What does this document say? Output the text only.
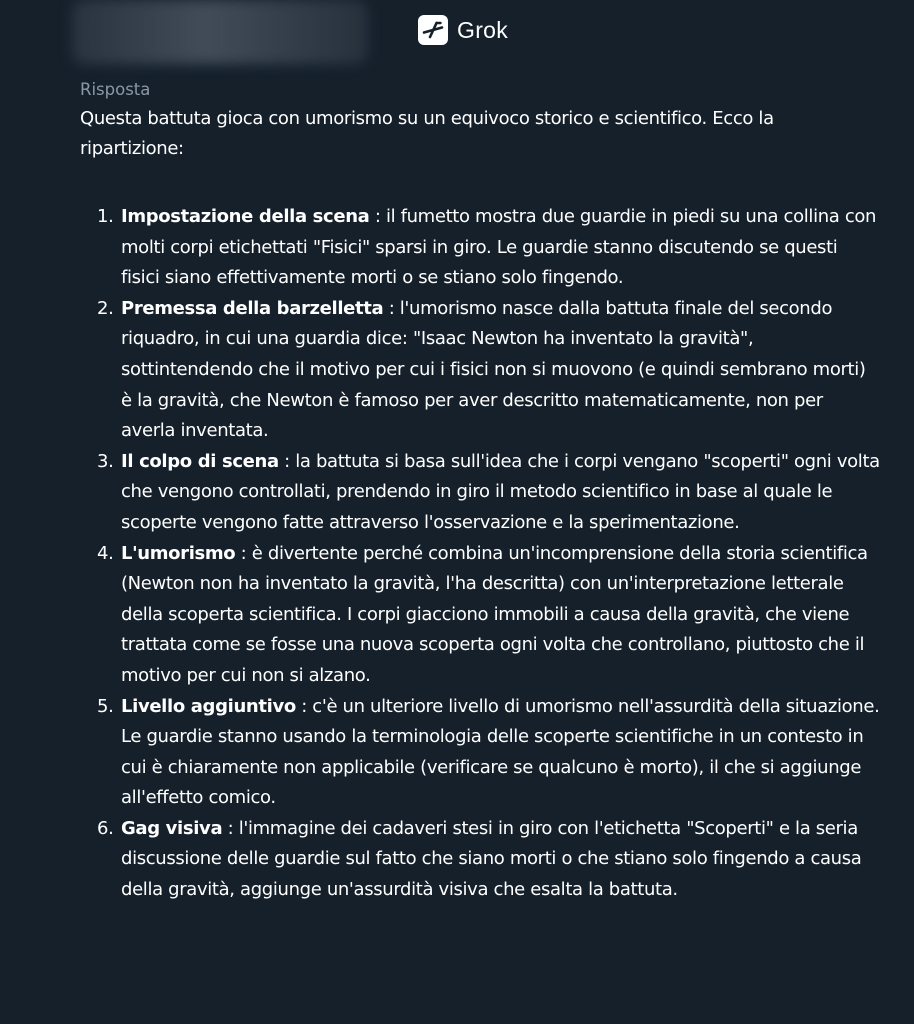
Grok

Risposta

Questa battuta gioca con umorismo su un equivoco storico e scientifico. Ecco la ripartizione:

1. Impostazione della scena : il fumetto mostra due guardie in piedi su una collina con molti corpi etichettati "Fisici" sparsi in giro. Le guardie stanno discutendo se questi fisici siano effettivamente morti o se stiano solo fingendo.
2. Premessa della barzelletta : l'umorismo nasce dalla battuta finale del secondo riquadro, in cui una guardia dice: "Isaac Newton ha inventato la gravità", sottintendendo che il motivo per cui i fisici non si muovono (e quindi sembrano morti) è la gravità, che Newton è famoso per aver descritto matematicamente, non per averla inventata.
3. Il colpo di scena : la battuta si basa sull'idea che i corpi vengano "scoperti" ogni volta che vengono controllati, prendendo in giro il metodo scientifico in base al quale le scoperte vengono fatte attraverso l'osservazione e la sperimentazione.
4. L'umorismo : è divertente perché combina un'incomprensione della storia scientifica (Newton non ha inventato la gravità, l'ha descritta) con un'interpretazione letterale della scoperta scientifica. I corpi giacciono immobili a causa della gravità, che viene trattata come se fosse una nuova scoperta ogni volta che controllano, piuttosto che il motivo per cui non si alzano.
5. Livello aggiuntivo : c'è un ulteriore livello di umorismo nell'assurdità della situazione. Le guardie stanno usando la terminologia delle scoperte scientifiche in un contesto in cui è chiaramente non applicabile (verificare se qualcuno è morto), il che si aggiunge all'effetto comico.
6. Gag visiva : l'immagine dei cadaveri stesi in giro con l'etichetta "Scoperti" e la seria discussione delle guardie sul fatto che siano morti o che stiano solo fingendo a causa della gravità, aggiunge un'assurdità visiva che esalta la battuta.
